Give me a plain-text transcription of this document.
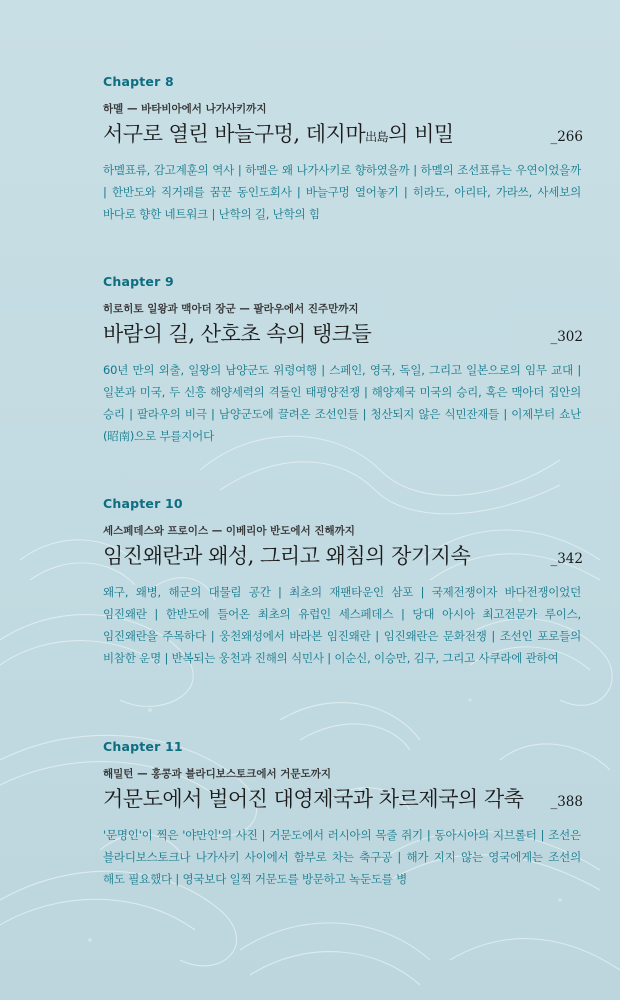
Chapter 8
하멜 — 바타비아에서 나가사키까지
서구로 열린 바늘구멍, 데지마出島의 비밀	_266
하멜표류, 감고계훈의 역사 | 하멜은 왜 나가사키로 향하였을까 | 하멜의 조선표류는 우연이었을까 | 한반도와 직거래를 꿈꾼 동인도회사 | 바늘구멍 열어놓기 | 히라도, 아리타, 가라쓰, 사세보의 바다로 향한 네트워크 | 난학의 길, 난학의 힘
Chapter 9
히로히토 일왕과 맥아더 장군 — 팔라우에서 진주만까지
바람의 길, 산호초 속의 탱크들	_302
60년 만의 외출, 일왕의 남양군도 위령여행 | 스페인, 영국, 독일, 그리고 일본으로의 임무 교대 | 일본과 미국, 두 신흥 해양세력의 격돌인 태평양전쟁 | 해양제국 미국의 승리, 혹은 맥아더 집안의 승리 | 팔라우의 비극 | 남양군도에 끌려온 조선인들 | 청산되지 않은 식민잔재들 | 이제부터 쇼난(昭南)으로 부를지어다
Chapter 10
세스페데스와 프로이스 — 이베리아 반도에서 진해까지
임진왜란과 왜성, 그리고 왜침의 장기지속	_342
왜구, 왜병, 해군의 대물림 공간 | 최초의 재팬타운인 삼포 | 국제전쟁이자 바다전쟁이었던 임진왜란 | 한반도에 들어온 최초의 유럽인 세스페데스 | 당대 아시아 최고전문가 루이스, 임진왜란을 주목하다 | 웅천왜성에서 바라본 임진왜란 | 임진왜란은 문화전쟁 | 조선인 포로들의 비참한 운명 | 반복되는 웅천과 진해의 식민사 | 이순신, 이승만, 김구, 그리고 사쿠라에 관하여
Chapter 11
해밀턴 — 홍콩과 블라디보스토크에서 거문도까지
거문도에서 벌어진 대영제국과 차르제국의 각축 _388
'문명인'이 찍은 '야만인'의 사진 | 거문도에서 러시아의 목줄 쥐기 | 동아시아의 지브롤터 | 조선은 블라디보스토크나 나가사키 사이에서 함부로 차는 축구공 | 해가 지지 않는 영국에게는 조선의 해도 필요했다 | 영국보다 일찍 거문도를 방문하고 녹둔도를 병
